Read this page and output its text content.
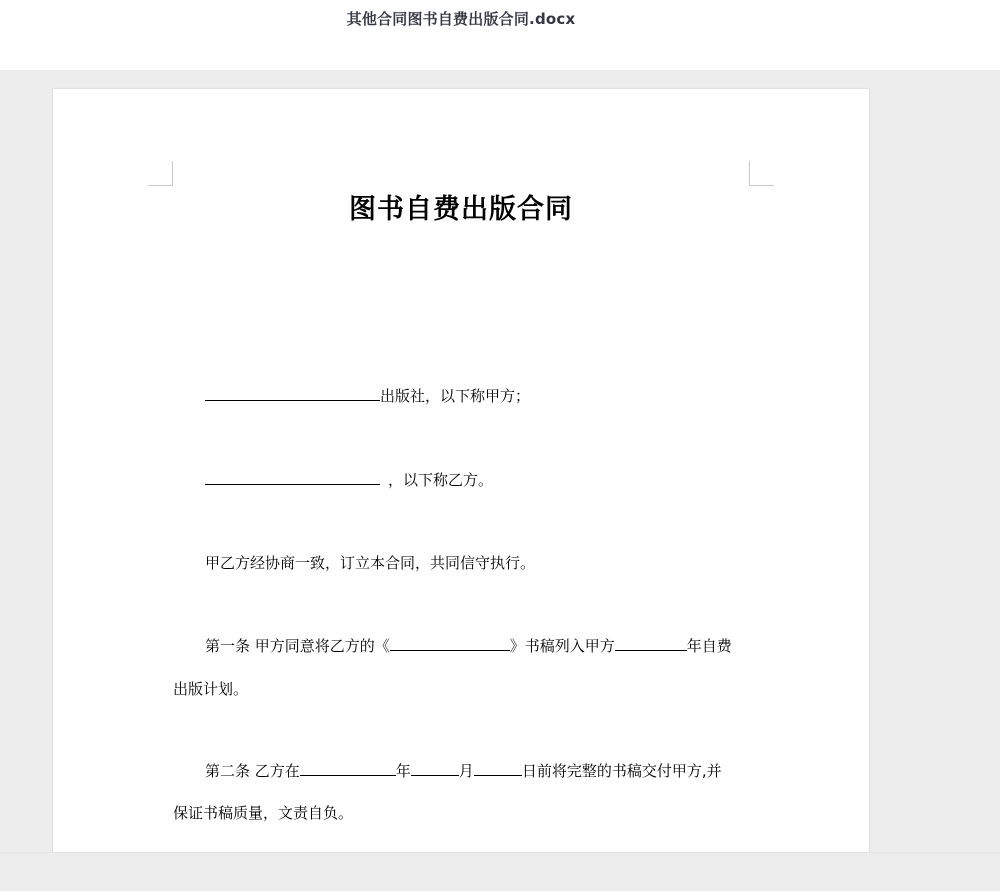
其他合同图书自费出版合同.docx
图书自费出版合同
出版社，以下称甲方；
，以下称乙方。
甲乙方经协商一致，订立本合同，共同信守执行。
第一条 甲方同意将乙方的《	》书稿列入甲方	年自费
出版计划。
第二条 乙方在	年	月	日前将完整的书稿交付甲方,并
保证书稿质量，文责自负。
